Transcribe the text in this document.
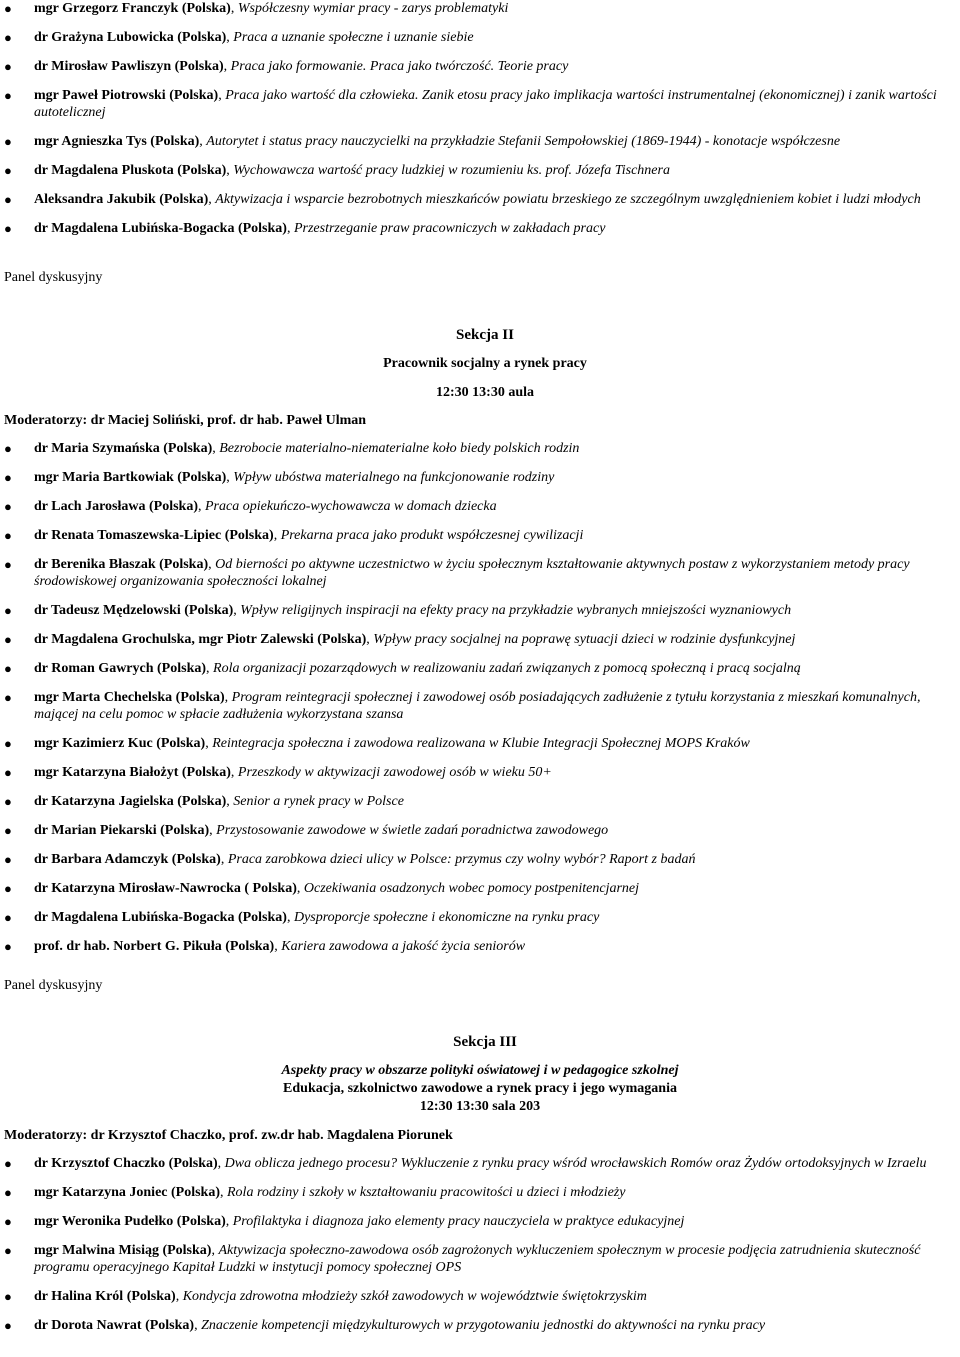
● mgr Grzegorz Franczyk (Polska), Współczesny wymiar pracy - zarys problematyki
● dr Grażyna Lubowicka (Polska), Praca a uznanie społeczne i uznanie siebie
● dr Mirosław Pawliszyn (Polska), Praca jako formowanie. Praca jako twórczość. Teorie pracy
● mgr Paweł Piotrowski (Polska), Praca jako wartość dla człowieka. Zanik etosu pracy jako implikacja wartości instrumentalnej (ekonomicznej) i zanik wartości autotelicznej
● mgr Agnieszka Tys (Polska), Autorytet i status pracy nauczycielki na przykładzie Stefanii Sempołowskiej (1869-1944) - konotacje współczesne
● dr Magdalena Pluskota (Polska), Wychowawcza wartość pracy ludzkiej w rozumieniu ks. prof. Józefa Tischnera
● Aleksandra Jakubik (Polska), Aktywizacja i wsparcie bezrobotnych mieszkańców powiatu brzeskiego ze szczególnym uwzględnieniem kobiet i ludzi młodych
● dr Magdalena Lubińska-Bogacka (Polska), Przestrzeganie praw pracowniczych w zakładach pracy
Panel dyskusyjny
Sekcja II
Pracownik socjalny a rynek pracy
12:30 13:30 aula
Moderatorzy: dr Maciej Soliński, prof. dr hab. Paweł Ulman
● dr Maria Szymańska (Polska), Bezrobocie materialno-niematerialne koło biedy polskich rodzin
● mgr Maria Bartkowiak (Polska), Wpływ ubóstwa materialnego na funkcjonowanie rodziny
● dr Lach Jarosława (Polska), Praca opiekuńczo-wychowawcza w domach dziecka
● dr Renata Tomaszewska-Lipiec (Polska), Prekarna praca jako produkt współczesnej cywilizacji
● dr Berenika Błaszak (Polska), Od bierności po aktywne uczestnictwo w życiu społecznym kształtowanie aktywnych postaw z wykorzystaniem metody pracy środowiskowej organizowania społeczności lokalnej
● dr Tadeusz Mędzelowski (Polska), Wpływ religijnych inspiracji na efekty pracy na przykładzie wybranych mniejszości wyznaniowych
● dr Magdalena Grochulska, mgr Piotr Zalewski (Polska), Wpływ pracy socjalnej na poprawę sytuacji dzieci w rodzinie dysfunkcyjnej
● dr Roman Gawrych (Polska), Rola organizacji pozarządowych w realizowaniu zadań związanych z pomocą społeczną i pracą socjalną
● mgr Marta Chechelska (Polska), Program reintegracji społecznej i zawodowej osób posiadających zadłużenie z tytułu korzystania z mieszkań komunalnych, mającej na celu pomoc w spłacie zadłużenia wykorzystana szansa
● mgr Kazimierz Kuc (Polska), Reintegracja społeczna i zawodowa realizowana w Klubie Integracji Społecznej MOPS Kraków
● mgr Katarzyna Białożyt (Polska), Przeszkody w aktywizacji zawodowej osób w wieku 50+
● dr Katarzyna Jagielska (Polska), Senior a rynek pracy w Polsce
● dr Marian Piekarski (Polska), Przystosowanie zawodowe w świetle zadań poradnictwa zawodowego
● dr Barbara Adamczyk (Polska), Praca zarobkowa dzieci ulicy w Polsce: przymus czy wolny wybór? Raport z badań
● dr Katarzyna Mirosław-Nawrocka ( Polska), Oczekiwania osadzonych wobec pomocy postpenitencjarnej
● dr Magdalena Lubińska-Bogacka (Polska), Dysproporcje społeczne i ekonomiczne na rynku pracy
● prof. dr hab. Norbert G. Pikuła (Polska), Kariera zawodowa a jakość życia seniorów
Panel dyskusyjny
Sekcja III
Aspekty pracy w obszarze polityki oświatowej i w pedagogice szkolnej
Edukacja, szkolnictwo zawodowe a rynek pracy i jego wymagania
12:30 13:30 sala 203
Moderatorzy: dr Krzysztof Chaczko, prof. zw.dr hab. Magdalena Piorunek
● dr Krzysztof Chaczko (Polska), Dwa oblicza jednego procesu? Wykluczenie z rynku pracy wśród wrocławskich Romów oraz Żydów ortodoksyjnych w Izraelu
● mgr Katarzyna Joniec (Polska), Rola rodziny i szkoły w kształtowaniu pracowitości u dzieci i młodzieży
● mgr Weronika Pudełko (Polska), Profilaktyka i diagnoza jako elementy pracy nauczyciela w praktyce edukacyjnej
● mgr Malwina Misiąg (Polska), Aktywizacja społeczno-zawodowa osób zagrożonych wykluczeniem społecznym w procesie podjęcia zatrudnienia skuteczność programu operacyjnego Kapitał Ludzki w instytucji pomocy społecznej OPS
● dr Halina Król (Polska), Kondycja zdrowotna młodzieży szkół zawodowych w województwie świętokrzyskim
● dr Dorota Nawrat (Polska), Znaczenie kompetencji międzykulturowych w przygotowaniu jednostki do aktywności na rynku pracy
